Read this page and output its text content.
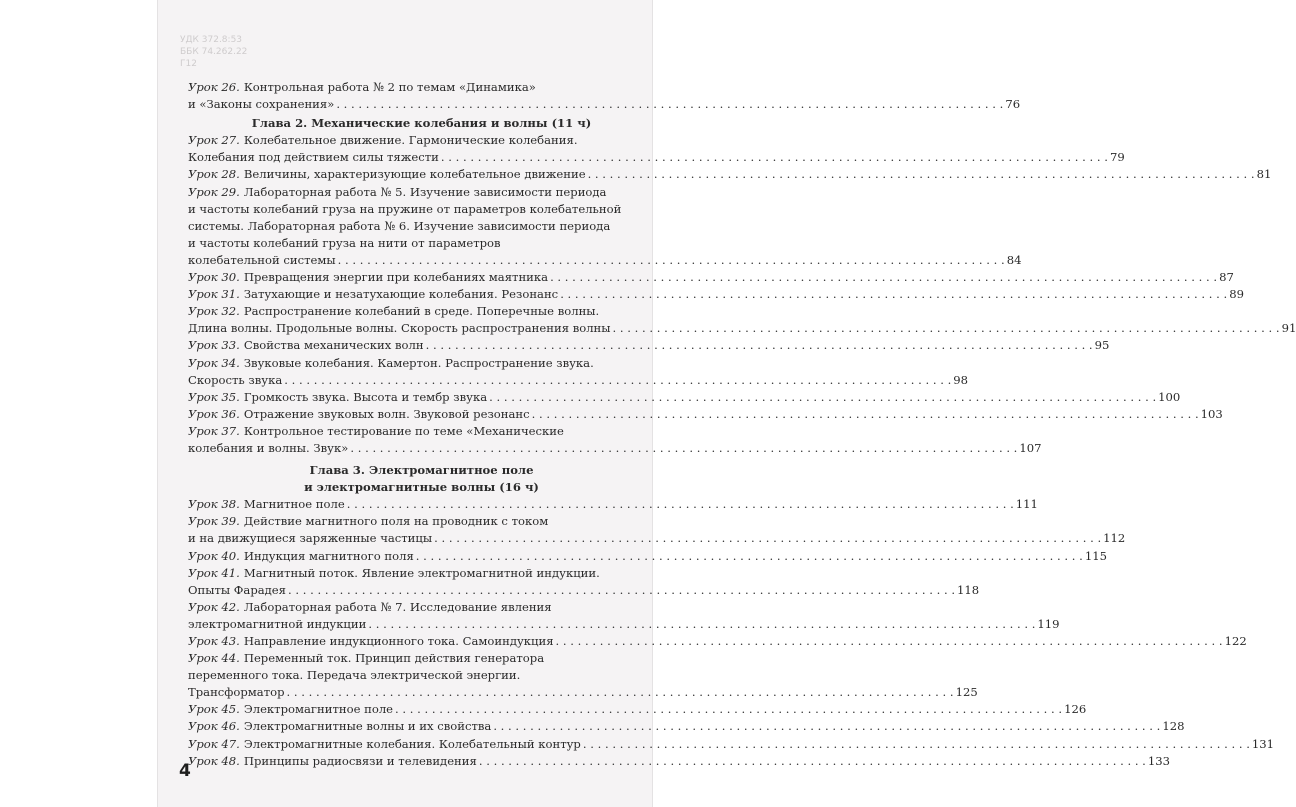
УДК 372.8:53
ББК 74.262.22
Г12
Урок 26. Контрольная работа № 2 по темам «Динамика»
и «Законы сохранения» . . .	76
Глава 2. Механические колебания и волны (11 ч)
Урок 27. Колебательное движение. Гармонические колебания.
Колебания под действием силы тяжести . . .	79
Урок 28. Величины, характеризующие колебательное движение . . .	81
Урок 29. Лабораторная работа № 5. Изучение зависимости периода
и частоты колебаний груза на пружине от параметров колебательной
системы. Лабораторная работа № 6. Изучение зависимости периода
и частоты колебаний груза на нити от параметров
колебательной системы . . .	84
Урок 30. Превращения энергии при колебаниях маятника . . .	87
Урок 31. Затухающие и незатухающие колебания. Резонанс . . .	89
Урок 32. Распространение колебаний в среде. Поперечные волны.
Длина волны. Продольные волны. Скорость распространения волны . . .	91
Урок 33. Свойства механических волн . . .	95
Урок 34. Звуковые колебания. Камертон. Распространение звука.
Скорость звука . . .	98
Урок 35. Громкость звука. Высота и тембр звука . . .	100
Урок 36. Отражение звуковых волн. Звуковой резонанс . . .	103
Урок 37. Контрольное тестирование по теме «Механические
колебания и волны. Звук» . . .	107
Глава 3. Электромагнитное поле
и электромагнитные волны (16 ч)
Урок 38. Магнитное поле . . .	111
Урок 39. Действие магнитного поля на проводник с током
и на движущиеся заряженные частицы . . .	112
Урок 40. Индукция магнитного поля . . .	115
Урок 41. Магнитный поток. Явление электромагнитной индукции.
Опыты Фарадея . . .	118
Урок 42. Лабораторная работа № 7. Исследование явления
электромагнитной индукции . . .	119
Урок 43. Направление индукционного тока. Самоиндукция . . .	122
Урок 44. Переменный ток. Принцип действия генератора
переменного тока. Передача электрической энергии.
Трансформатор . . .	125
Урок 45. Электромагнитное поле . . .	126
Урок 46. Электромагнитные волны и их свойства . . .	128
Урок 47. Электромагнитные колебания. Колебательный контур . . .	131
Урок 48. Принципы радиосвязи и телевидения . . .	133
4
